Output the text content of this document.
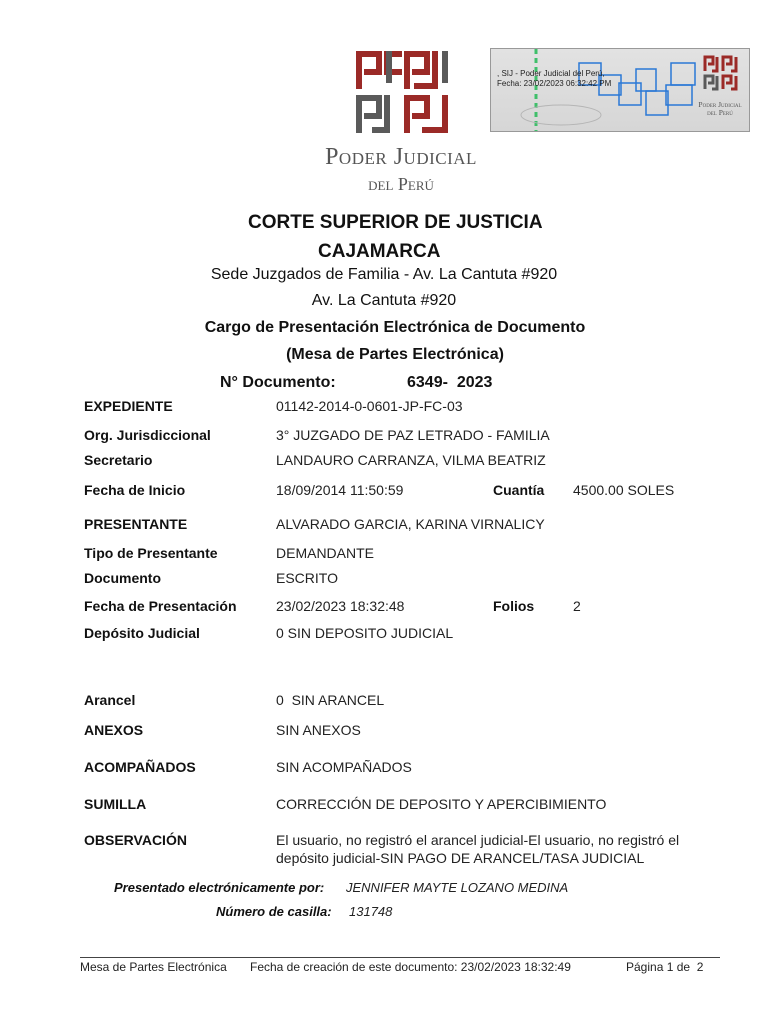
Poder Judicial
del Perú
, SIJ - Poder Judicial del Perú,
Fecha: 23/02/2023 06:32:42 PM
Poder Judicial
del Perú
CORTE SUPERIOR DE JUSTICIA
CAJAMARCA
Sede Juzgados de Familia - Av. La Cantuta #920
Av. La Cantuta #920
Cargo de Presentación Electrónica de Documento
(Mesa de Partes Electrónica)
N° Documento:	6349-  2023
EXPEDIENTE	01142-2014-0-0601-JP-FC-03
Org. Jurisdiccional	3° JUZGADO DE PAZ LETRADO - FAMILIA
Secretario	LANDAURO CARRANZA, VILMA BEATRIZ
Fecha de Inicio	18/09/2014 11:50:59	Cuantía 4500.00 SOLES
PRESENTANTE	ALVARADO GARCIA, KARINA VIRNALICY
Tipo de Presentante	DEMANDANTE
Documento	ESCRITO
Fecha de Presentación	23/02/2023 18:32:48	Folios	2
Depósito Judicial	0 SIN DEPOSITO JUDICIAL
Arancel	0  SIN ARANCEL
ANEXOS	SIN ANEXOS
ACOMPAÑADOS	SIN ACOMPAÑADOS
SUMILLA	CORRECCIÓN DE DEPOSITO Y APERCIBIMIENTO
OBSERVACIÓN	El usuario, no registró el arancel judicial-El usuario, no registró el depósito judicial-SIN PAGO DE ARANCEL/TASA JUDICIAL
Presentado electrónicamente por: JENNIFER MAYTE LOZANO MEDINA
Número de casilla: 131748
Mesa de Partes Electrónica Fecha de creación de este documento: 23/02/2023 18:32:49	Página 1 de  2
